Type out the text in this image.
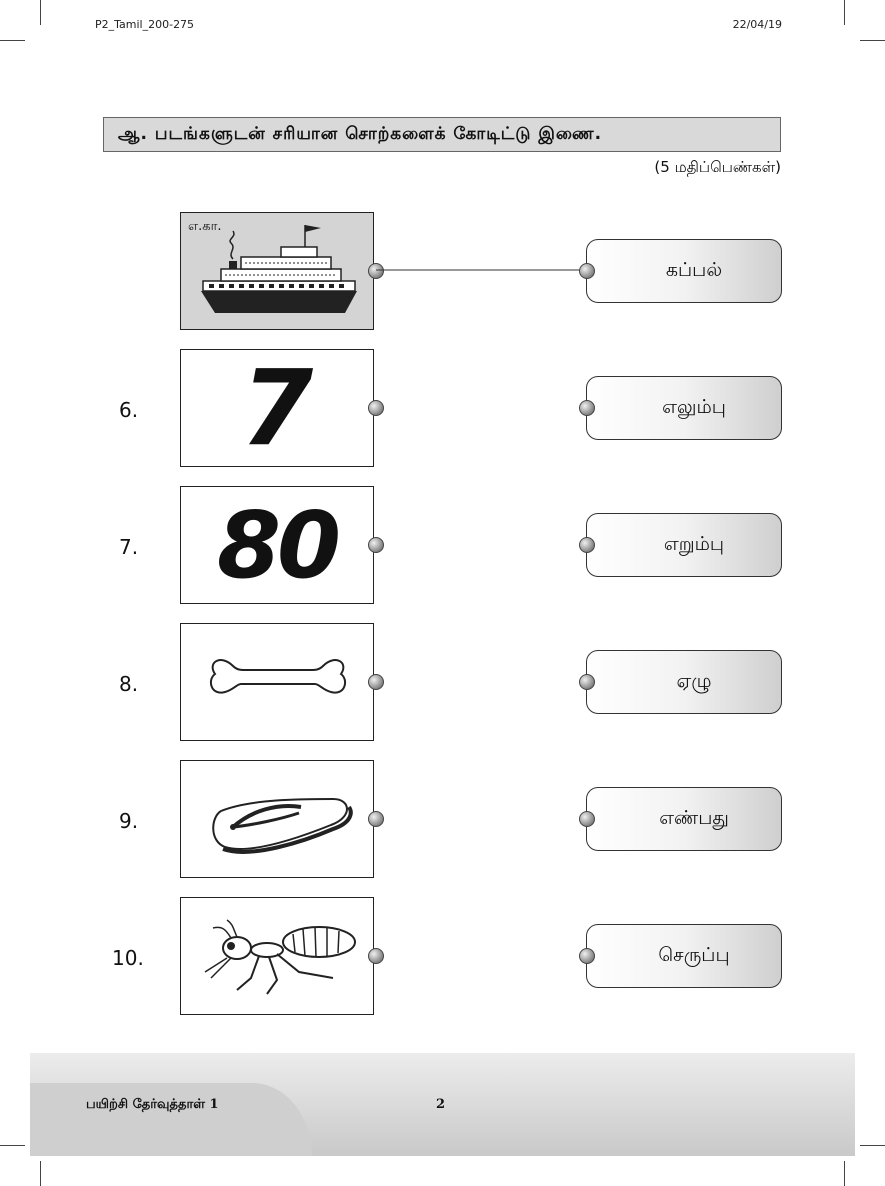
P2_Tamil_200-275	22/04/19
ஆ. படங்களுடன் சரியான சொற்களைக் கோடிட்டு இணை.
(5 மதிப்பெண்கள்)
எ.கா.
கப்பல்
6. 7	எலும்பு
7. 80	எறும்பு
8.	ஏழு
9.	எண்பது
10.	செருப்பு
பயிற்சி தேர்வுத்தாள் 1	2
